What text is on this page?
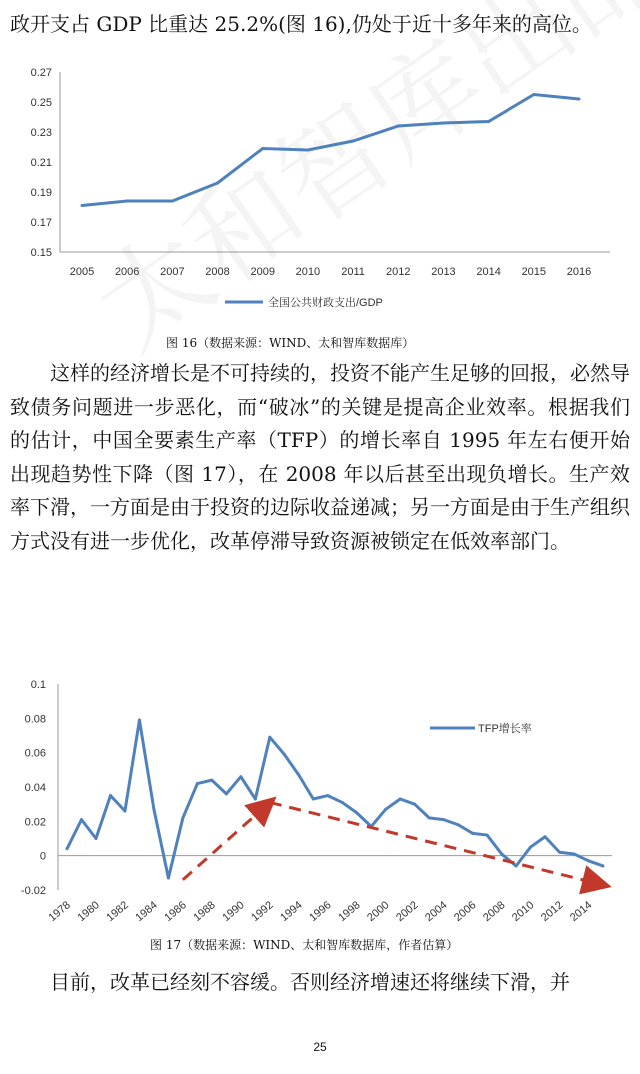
政开支占 GDP 比重达 25.2%(图 16),仍处于近十多年来的高位。
0.15
0.17
0.19
0.21
0.23
0.25
0.27
2005 2006 2007 2008 2009 2010 2011 2012 2013 2014 2015 2016
全国公共财政支出/GDP
图 16（数据来源：WIND、太和智库数据库）
这样的经济增长是不可持续的，投资不能产生足够的回报，必然导致债务问题进一步恶化，而“破冰”的关键是提高企业效率。根据我们的估计，中国全要素生产率（TFP）的增长率自 1995 年左右便开始出现趋势性下降（图 17），在 2008 年以后甚至出现负增长。生产效率下滑，一方面是由于投资的边际收益递减；另一方面是由于生产组织方式没有进一步优化，改革停滞导致资源被锁定在低效率部门。
-0.02
0
0.02
0.04
0.06
0.08
0.1
1978 1980 1982 1984 1986 1988 1990 1992 1994 1996 1998 2000 2002 2004 2006 2008 2010 2012 2014
TFP增长率
图 17（数据来源：WIND、太和智库数据库，作者估算）
目前，改革已经刻不容缓。否则经济增速还将继续下滑，并
25
